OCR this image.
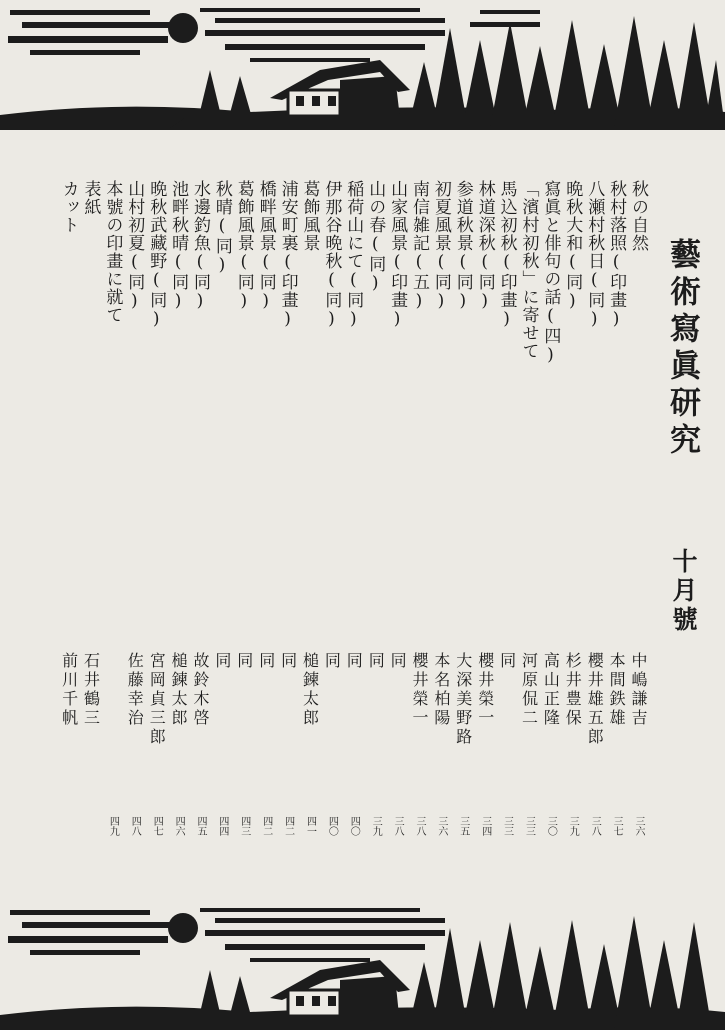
藝術寫眞研究
十月號
秋の自然
中嶋謙吉
三六
秋村落照(印畫)
本間鉄雄
三七
八瀬村秋日(同)
櫻井雄五郎
三八
晩秋大和(同)
杉井豊保
三九
寫眞と俳句の話(四)
高山正隆
三〇
「濱村初秋」に寄せて
河原侃二
三三
馬込初秋(印畫)
同
三三
林道深秋(同)
櫻井榮一
三四
参道秋景(同)
大深美野路
三五
初夏風景(同)
本名柏陽
三六
南信雑記(五)
櫻井榮一
三八
山家風景(印畫)
同
三八
山の春(同)
同
三九
稲荷山にて(同)
同
四〇
伊那谷晩秋(同)
同
四〇
葛飾風景
槌鍊太郎
四一
浦安町裏(印畫)
同
四二
橋畔風景(同)
同
四二
葛飾風景(同)
同
四三
秋晴(同)
同
四四
水邊釣魚(同)
故鈴木啓
四五
池畔秋晴(同)
槌鍊太郎
四六
晩秋武藏野(同)
宮岡貞三郎
四七
山村初夏(同)
佐藤幸治
四八
本號の印畫に就て
四九
表紙
石井鶴三
カット
前川千帆
